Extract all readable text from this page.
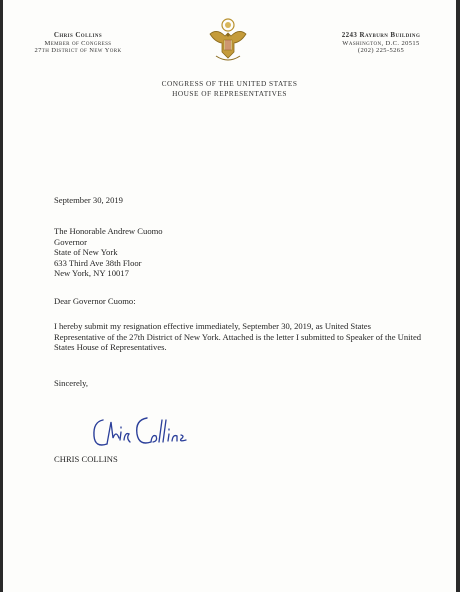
Chris Collins
Member of Congress
27th District of New York
2243 Rayburn Building
Washington, D.C. 20515
(202) 225-5265
CONGRESS OF THE UNITED STATES
HOUSE OF REPRESENTATIVES
September 30, 2019
The Honorable Andrew Cuomo
Governor
State of New York
633 Third Ave 38th Floor
New York, NY 10017
Dear Governor Cuomo:
I hereby submit my resignation effective immediately, September 30, 2019, as United States Representative of the 27th District of New York. Attached is the letter I submitted to Speaker of the United States House of Representatives.
Sincerely,
CHRIS COLLINS
